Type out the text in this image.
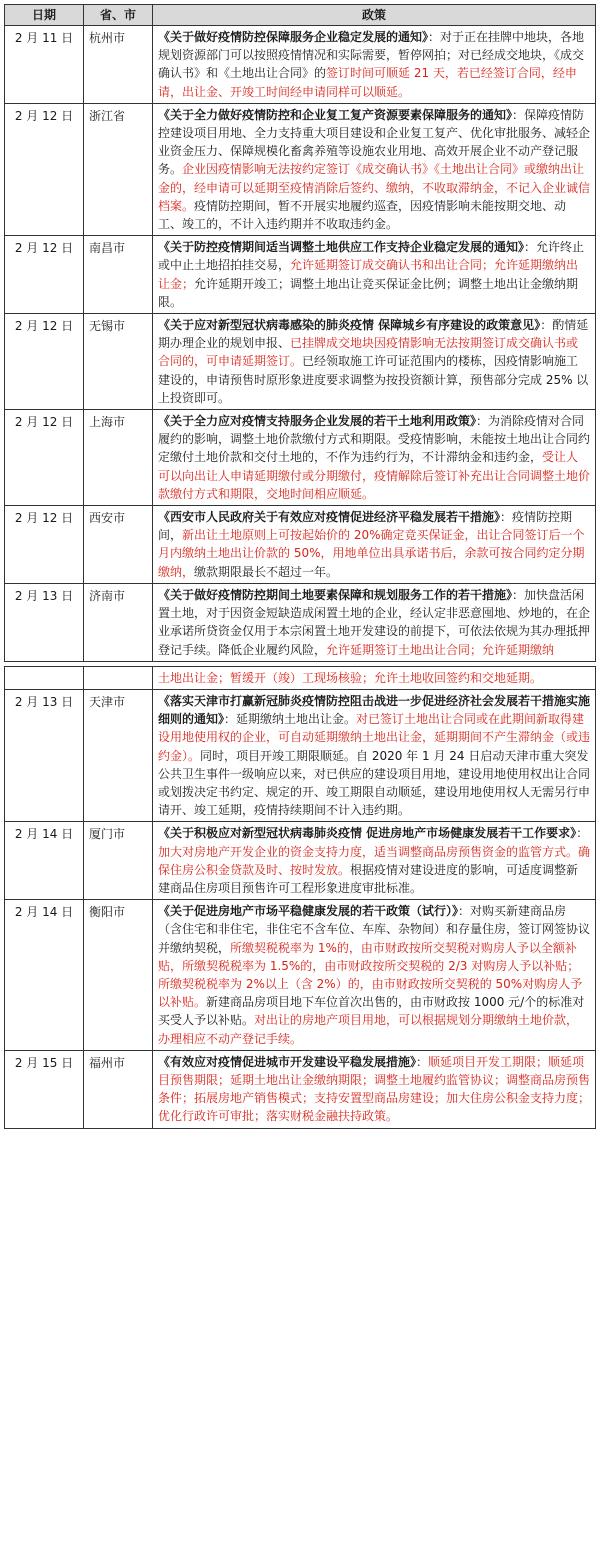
日期	省、市	政策
2 月 11 日	杭州市	《关于做好疫情防控保障服务企业稳定发展的通知》：对于正在挂牌中地块，各地规划资源部门可以按照疫情情况和实际需要，暂停网拍；对已经成交地块，《成交确认书》和《土地出让合同》的签订时间可顺延 21 天，若已经签订合同，经申请，出让金、开竣工时间经申请同样可以顺延。
2 月 12 日	浙江省	《关于全力做好疫情防控和企业复工复产资源要素保障服务的通知》：保障疫情防控建设项目用地、全力支持重大项目建设和企业复工复产、优化审批服务、减轻企业资金压力、保障规模化畜禽养殖等设施农业用地、高效开展企业不动产登记服务。企业因疫情影响无法按约定签订《成交确认书》《土地出让合同》或缴纳出让金的，经申请可以延期至疫情消除后签约、缴纳，不收取滞纳金，不记入企业诚信档案。疫情防控期间，暂不开展实地履约巡查，因疫情影响未能按期交地、动工、竣工的，不计入违约期并不收取违约金。
2 月 12 日	南昌市	《关于防控疫情期间适当调整土地供应工作支持企业稳定发展的通知》：允许终止或中止土地招拍挂交易，允许延期签订成交确认书和出让合同；允许延期缴纳出让金；允许延期开竣工；调整土地出让竞买保证金比例；调整土地出让金缴纳期限。
2 月 12 日	无锡市	《关于应对新型冠状病毒感染的肺炎疫情 保障城乡有序建设的政策意见》：酌情延期办理企业的规划申报、已挂牌成交地块因疫情影响无法按期签订成交确认书或合同的，可申请延期签订。已经领取施工许可证范围内的楼栋，因疫情影响施工建设的，申请预售时原形象进度要求调整为按投资额计算，预售部分完成 25% 以上投资即可。
2 月 12 日	上海市	《关于全力应对疫情支持服务企业发展的若干土地利用政策》：为消除疫情对合同履约的影响，调整土地价款缴付方式和期限。受疫情影响，未能按土地出让合同约定缴付土地价款和交付土地的，不作为违约行为，不计滞纳金和违约金，受让人可以向出让人申请延期缴付或分期缴付，疫情解除后签订补充出让合同调整土地价款缴付方式和期限，交地时间相应顺延。
2 月 12 日	西安市	《西安市人民政府关于有效应对疫情促进经济平稳发展若干措施》：疫情防控期间，新出让土地原则上可按起始价的 20%确定竞买保证金，出让合同签订后一个月内缴纳土地出让价款的 50%，用地单位出具承诺书后，余款可按合同约定分期缴纳，缴款期限最长不超过一年。
2 月 13 日	济南市	《关于做好疫情防控期间土地要素保障和规划服务工作的若干措施》：加快盘活闲置土地，对于因资金短缺造成闲置土地的企业，经认定非恶意囤地、炒地的，在企业承诺所贷资金仅用于本宗闲置土地开发建设的前提下，可依法依规为其办理抵押登记手续。降低企业履约风险，允许延期签订土地出让合同；允许延期缴纳

		土地出让金；暂缓开（竣）工现场核验；允许土地收回签约和交地延期。
2 月 13 日	天津市	《落实天津市打赢新冠肺炎疫情防控阻击战进一步促进经济社会发展若干措施实施细则的通知》：延期缴纳土地出让金。对已签订土地出让合同或在此期间新取得建设用地使用权的企业，可自动延期缴纳土地出让金，延期期间不产生滞纳金（或违约金）。同时，项目开竣工期限顺延。自 2020 年 1 月 24 日启动天津市重大突发公共卫生事件一级响应以来，对已供应的建设项目用地，建设用地使用权出让合同或划拨决定书约定、规定的开、竣工期限自动顺延，建设用地使用权人无需另行申请开、竣工延期，疫情持续期间不计入违约期。
2 月 14 日	厦门市	《关于积极应对新型冠状病毒肺炎疫情 促进房地产市场健康发展若干工作要求》：加大对房地产开发企业的资金支持力度，适当调整商品房预售资金的监管方式。确保住房公积金贷款及时、按时发放。根据疫情对建设进度的影响，可适度调整新建商品住房项目预售许可工程形象进度审批标准。
2 月 14 日	衡阳市	《关于促进房地产市场平稳健康发展的若干政策（试行）》：对购买新建商品房（含住宅和非住宅，非住宅不含车位、车库、杂物间）和存量住房，签订网签协议并缴纳契税，所缴契税税率为 1%的，由市财政按所交契税对购房人予以全额补贴，所缴契税税率为 1.5%的，由市财政按所交契税的 2/3 对购房人予以补贴；所缴契税税率为 2%以上（含 2%）的，由市财政按所交契税的 50%对购房人予以补贴。新建商品房项目地下车位首次出售的，由市财政按 1000 元/个的标准对买受人予以补贴。对出让的房地产项目用地，可以根据规划分期缴纳土地价款，办理相应不动产登记手续。
2 月 15 日	福州市	《有效应对疫情促进城市开发建设平稳发展措施》：顺延项目开发工期限；顺延项目预售期限；延期土地出让金缴纳期限；调整土地履约监管协议；调整商品房预售条件；拓展房地产销售模式；支持安置型商品房建设；加大住房公积金支持力度；优化行政许可审批；落实财税金融扶持政策。
